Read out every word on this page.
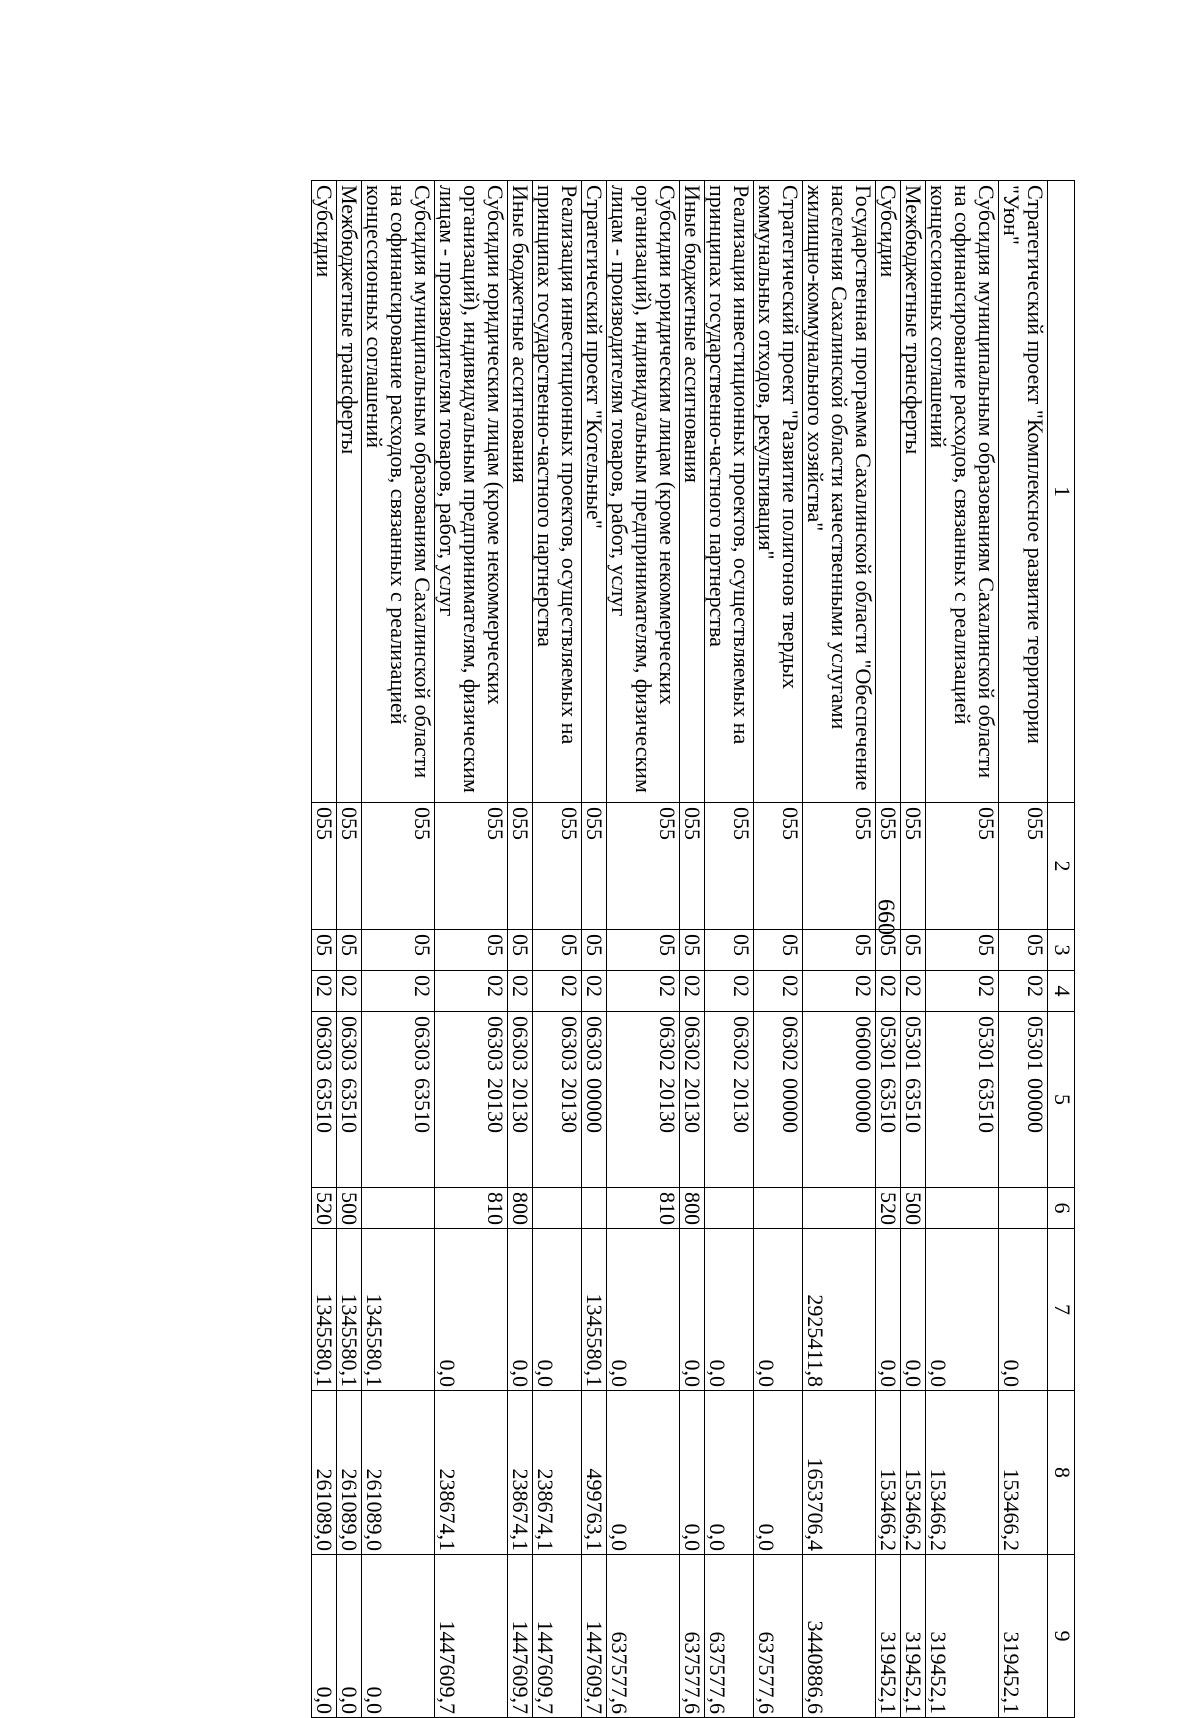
660
1	2	3	4	5	6	7	8	9
Стратегический проект "Комплексное развитие территории "Уюн"	055	05	02	0530100000		0,0	153466,2	319452,1
Субсидия муниципальным образованиям Сахалинской области на софинансирование расходов, связанных с реализацией концессионных соглашений	055	05	02	0530163510		0,0	153466,2	319452,1
Межбюджетные трансферты	055	05	02	0530163510	500	0,0	153466,2	319452,1
Субсидии	055	05	02	0530163510	520	0,0	153466,2	319452,1
Государственная программа Сахалинской области "Обеспечение населения Сахалинской области качественными услугами жилищно-коммунального хозяйства"	055	05	02	0600000000		2925411,8	1653706,4	3440886,6
Стратегический проект "Развитие полигонов твердых коммунальных отходов, рекультивация"	055	05	02	0630200000		0,0	0,0	637577,6
Реализация инвестиционных проектов, осуществляемых на принципах государственно-частного партнерства	055	05	02	0630220130		0,0	0,0	637577,6
Иные бюджетные ассигнования	055	05	02	0630220130	800	0,0	0,0	637577,6
Субсидии юридическим лицам (кроме некоммерческих организаций), индивидуальным предпринимателям, физическим лицам - производителям товаров, работ, услуг	055	05	02	0630220130	810	0,0	0,0	637577,6
Стратегический проект "Котельные"	055	05	02	0630300000		1345580,1	499763,1	1447609,7
Реализация инвестиционных проектов, осуществляемых на принципах государственно-частного партнерства	055	05	02	0630320130		0,0	238674,1	1447609,7
Иные бюджетные ассигнования	055	05	02	0630320130	800	0,0	238674,1	1447609,7
Субсидии юридическим лицам (кроме некоммерческих организаций), индивидуальным предпринимателям, физическим лицам - производителям товаров, работ, услуг	055	05	02	0630320130	810	0,0	238674,1	1447609,7
Субсидия муниципальным образованиям Сахалинской области на софинансирование расходов, связанных с реализацией концессионных соглашений	055	05	02	0630363510		1345580,1	261089,0	0,0
Межбюджетные трансферты	055	05	02	0630363510	500	1345580,1	261089,0	0,0
Субсидии	055	05	02	0630363510	520	1345580,1	261089,0	0,0
